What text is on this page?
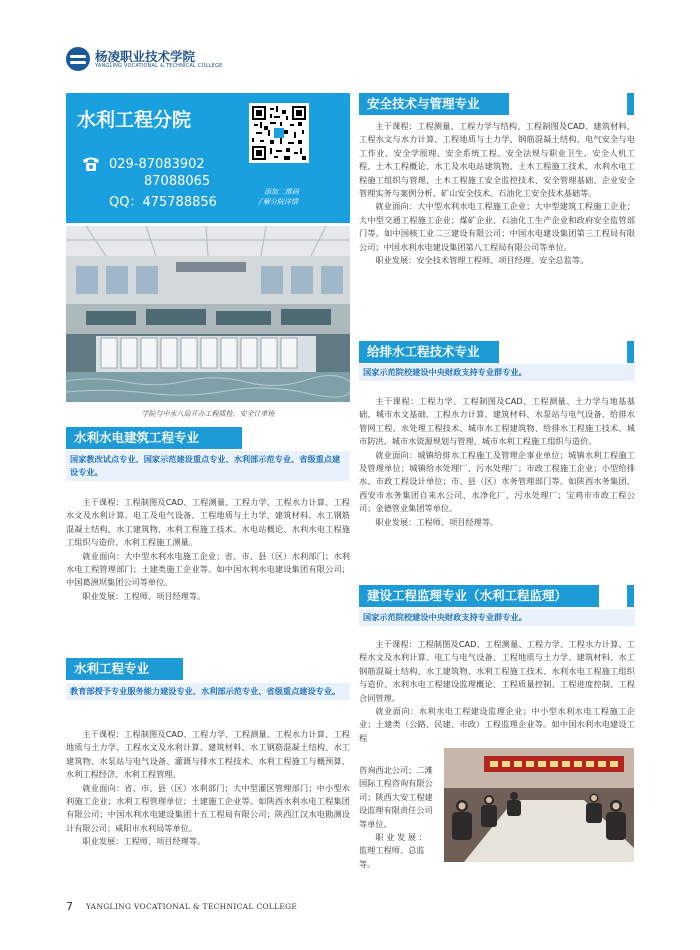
杨凌职业技术学院
YANGLING VOCATIONAL & TECHNICAL COLLEGE
水利工程分院
029-87083902
87088065
QQ：475788856
添加二维码
了解分院详情
学院与中水八局开办工程质检、安全订单班
水利水电建筑工程专业
国家教改试点专业、国家示范建设重点专业、水利部示范专业、省级重点建设专业。

主干课程：工程制图及CAD、工程测量、工程力学、工程水力计算、工程水文及水利计算、电工及电气设备、工程地质与土力学、建筑材料、水工钢筋混凝土结构、水工建筑物、水利工程施工技术、水电站概论、水利水电工程施工组织与造价、水利工程施工测量。

就业面向：大中型水利水电施工企业；省、市、县（区）水利部门；水利水电工程管理部门；土建类施工企业等。如中国水利水电建设集团有限公司；中国葛洲坝集团公司等单位。

职业发展：工程师、项目经理等。

水利工程专业
教育部授予专业服务能力建设专业、水利部示范专业、省级重点建设专业。

主干课程：工程制图及CAD、工程力学、工程测量、工程水力计算、工程地质与土力学、工程水文及水利计算、建筑材料、水工钢筋混凝土结构、水工建筑物、水泵站与电气设备、灌溉与排水工程技术、水利工程施工与概预算、水利工程经济、水利工程管理。

就业面向：省、市、县（区）水利部门；大中型灌区管理部门；中小型水利施工企业；水利工程管理单位；土建施工企业等。如陕西水利水电工程集团有限公司；中国水利水电建设集团十五工程局有限公司；陕西江汉水电勘测设计有限公司；咸阳市水利局等单位。

职业发展：工程师、项目经理等。

安全技术与管理专业

主干课程：工程测量、工程力学与结构、工程制图及CAD、建筑材料、工程水文与水力计算、工程地质与土力学、钢筋混凝土结构、电气安全与电工作业、安全学原理、安全系统工程、安全法规与职业卫生、安全人机工程、土木工程概论、水工及水电站建筑物、土木工程施工技术、水利水电工程施工组织与管理、土木工程施工安全监控技术、安全管理基础、企业安全管理实务与案例分析、矿山安全技术、石油化工安全技术基础等。

就业面向：大中型水利水电工程施工企业；大中型建筑工程施工企业；大中型交通工程施工企业；煤矿企业、石油化工生产企业和政府安全监管部门等。如中国核工业二三建设有限公司；中国水电建设集团第三工程局有限公司；中国水利水电建设集团第八工程局有限公司等单位。

职业发展：安全技术管理工程师、项目经理、安全总监等。

给排水工程技术专业
国家示范院校建设中央财政支持专业群专业。

主干课程：工程力学、工程制图及CAD、工程测量、土力学与地基基础、城市水文基础、工程水力计算、建筑材料、水泵站与电气设备、给排水管网工程、水处理工程技术、城市水工程建筑物、给排水工程施工技术、城市防洪、城市水资源规划与管理、城市水利工程施工组织与造价。

就业面向：城镇给排水工程施工及管理企事业单位；城镇水利工程施工及管理单位；城镇给水处理厂、污水处理厂；市政工程施工企业；小型给排水、市政工程设计单位；市、县（区）水务管理部门等。如陕西水务集团、西安市水务集团自来水公司、水净化厂、污水处理厂；宝鸡市市政工程公司；金德管业集团等单位。

职业发展：工程师、项目经理等。

建设工程监理专业（水利工程监理）
国家示范院校建设中央财政支持专业群专业。

主干课程：工程制图及CAD、工程测量、工程力学、工程水力计算、工程水文及水利计算、电工与电气设备、工程地质与土力学、建筑材料、水工钢筋混凝土结构、水工建筑物、水利工程施工技术、水利水电工程施工组织与造价、水利水电工程建设监理概论、工程质量控制、工程进度控制、工程合同管理。

就业面向：水利水电工程建设监理企业；中小型水利水电工程施工企业；土建类（公路、民建、市政）工程监理企业等。如中国水利水电建设工程

咨询西北公司；二滩国际工程咨询有限公司；陕西大安工程建设监理有限责任公司等单位。
职 业 发 展 ：
监理工程师、总监等。
7 YANGLING VOCATIONAL & TECHNICAL COLLEGE
